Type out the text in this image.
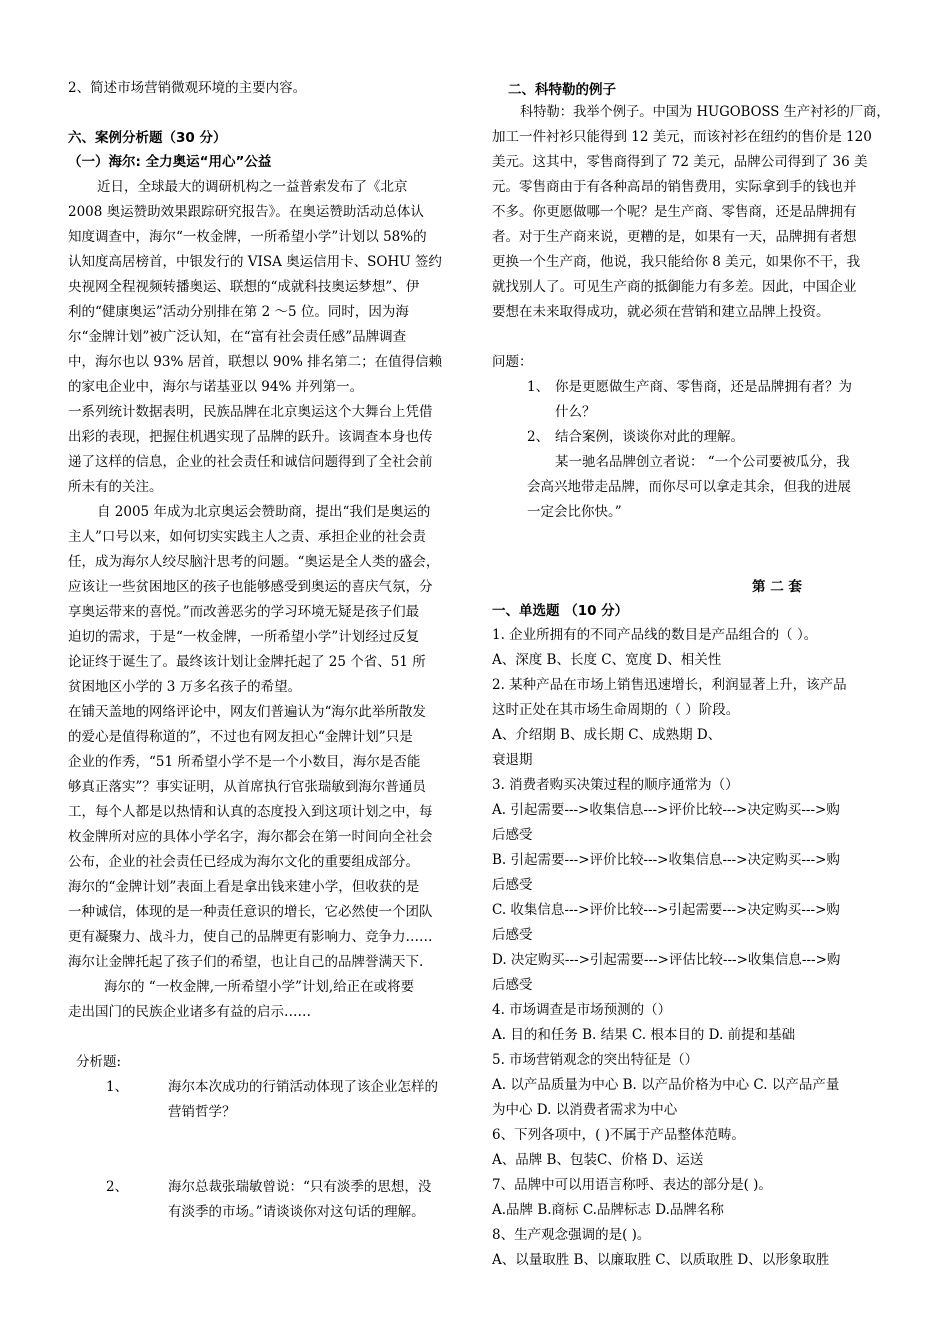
2、简述市场营销微观环境的主要内容。
六、案例分析题（30 分）
（一）海尔: 全力奥运“用心”公益
近日，全球最大的调研机构之一益普索发布了《北京
2008 奥运赞助效果跟踪研究报告》。在奥运赞助活动总体认
知度调查中，海尔“一枚金牌，一所希望小学”计划以 58%的
认知度高居榜首，中银发行的 VISA 奥运信用卡、SOHU 签约
央视网全程视频转播奥运、联想的“成就科技奥运梦想”、伊
利的“健康奥运”活动分别排在第 2 ～5 位。同时，因为海
尔“金牌计划”被广泛认知，在“富有社会责任感”品牌调查
中，海尔也以 93% 居首，联想以 90% 排名第二；在值得信赖
的家电企业中，海尔与诺基亚以 94% 并列第一。
一系列统计数据表明，民族品牌在北京奥运这个大舞台上凭借
出彩的表现，把握住机遇实现了品牌的跃升。该调查本身也传
递了这样的信息，企业的社会责任和诚信问题得到了全社会前
所未有的关注。
自 2005 年成为北京奥运会赞助商，提出“我们是奥运的
主人”口号以来，如何切实实践主人之责、承担企业的社会责
任，成为海尔人绞尽脑汁思考的问题。“奥运是全人类的盛会，
应该让一些贫困地区的孩子也能够感受到奥运的喜庆气氛，分
享奥运带来的喜悦。”而改善恶劣的学习环境无疑是孩子们最
迫切的需求，于是“一枚金牌，一所希望小学”计划经过反复
论证终于诞生了。最终该计划让金牌托起了 25 个省、51 所
贫困地区小学的 3 万多名孩子的希望。
在铺天盖地的网络评论中，网友们普遍认为“海尔此举所散发
的爱心是值得称道的”，不过也有网友担心“金牌计划”只是
企业的作秀，“51 所希望小学不是一个小数目，海尔是否能
够真正落实”？事实证明，从首席执行官张瑞敏到海尔普通员
工，每个人都是以热情和认真的态度投入到这项计划之中，每
枚金牌所对应的具体小学名字，海尔都会在第一时间向全社会
公布，企业的社会责任已经成为海尔文化的重要组成部分。
海尔的“金牌计划”表面上看是拿出钱来建小学，但收获的是
一种诚信，体现的是一种责任意识的增长，它必然使一个团队
更有凝聚力、战斗力，使自己的品牌更有影响力、竞争力……
海尔让金牌托起了孩子们的希望，也让自己的品牌誉满天下.
海尔的 “一枚金牌,一所希望小学”计划,给正在或将要
走出国门的民族企业诸多有益的启示……
分析题:
1、	海尔本次成功的行销活动体现了该企业怎样的
营销哲学？
2、	海尔总裁张瑞敏曾说：“只有淡季的思想，没
有淡季的市场。”请谈谈你对这句话的理解。
二、科特勒的例子
科特勒：我举个例子。中国为 HUGOBOSS 生产衬衫的厂商，
加工一件衬衫只能得到 12 美元，而该衬衫在纽约的售价是 120
美元。这其中，零售商得到了 72 美元，品牌公司得到了 36 美
元。零售商由于有各种高昂的销售费用，实际拿到手的钱也并
不多。你更愿做哪一个呢？是生产商、零售商，还是品牌拥有
者。对于生产商来说，更糟的是，如果有一天，品牌拥有者想
更换一个生产商，他说，我只能给你 8 美元，如果你不干，我
就找别人了。可见生产商的抵御能力有多差。因此，中国企业
要想在未来取得成功，就必须在营销和建立品牌上投资。
问题：
1、 你是更愿做生产商、零售商，还是品牌拥有者？为
什么？
2、 结合案例，谈谈你对此的理解。
某一驰名品牌创立者说： “一个公司要被瓜分，我
会高兴地带走品牌，而你尽可以拿走其余，但我的进展
一定会比你快。”
第 二 套
一、单选题 （10 分）
1. 企业所拥有的不同产品线的数目是产品组合的（ ）。
A、深度 B、长度 C、宽度 D、相关性
2. 某种产品在市场上销售迅速增长，利润显著上升，该产品
这时正处在其市场生命周期的（ ）阶段。
A、介绍期 B、成长期 C、成熟期 D、
衰退期
3. 消费者购买决策过程的顺序通常为（）
A. 引起需要--->收集信息--->评价比较--->决定购买--->购
后感受
B. 引起需要--->评价比较--->收集信息--->决定购买--->购
后感受
C. 收集信息--->评价比较--->引起需要--->决定购买--->购
后感受
D. 决定购买--->引起需要--->评估比较--->收集信息--->购
后感受
4. 市场调查是市场预测的（）
A. 目的和任务 B. 结果 C. 根本目的 D. 前提和基础
5. 市场营销观念的突出特征是（）
A. 以产品质量为中心 B. 以产品价格为中心 C. 以产品产量
为中心 D. 以消费者需求为中心
6、下列各项中，( )不属于产品整体范畴。
A、品牌 B、包装C、价格 D、运送
7、品牌中可以用语言称呼、表达的部分是( )。
A.品牌 B.商标 C.品牌标志 D.品牌名称
8、生产观念强调的是( )。
A、以量取胜 B、以廉取胜 C、以质取胜 D、以形象取胜
